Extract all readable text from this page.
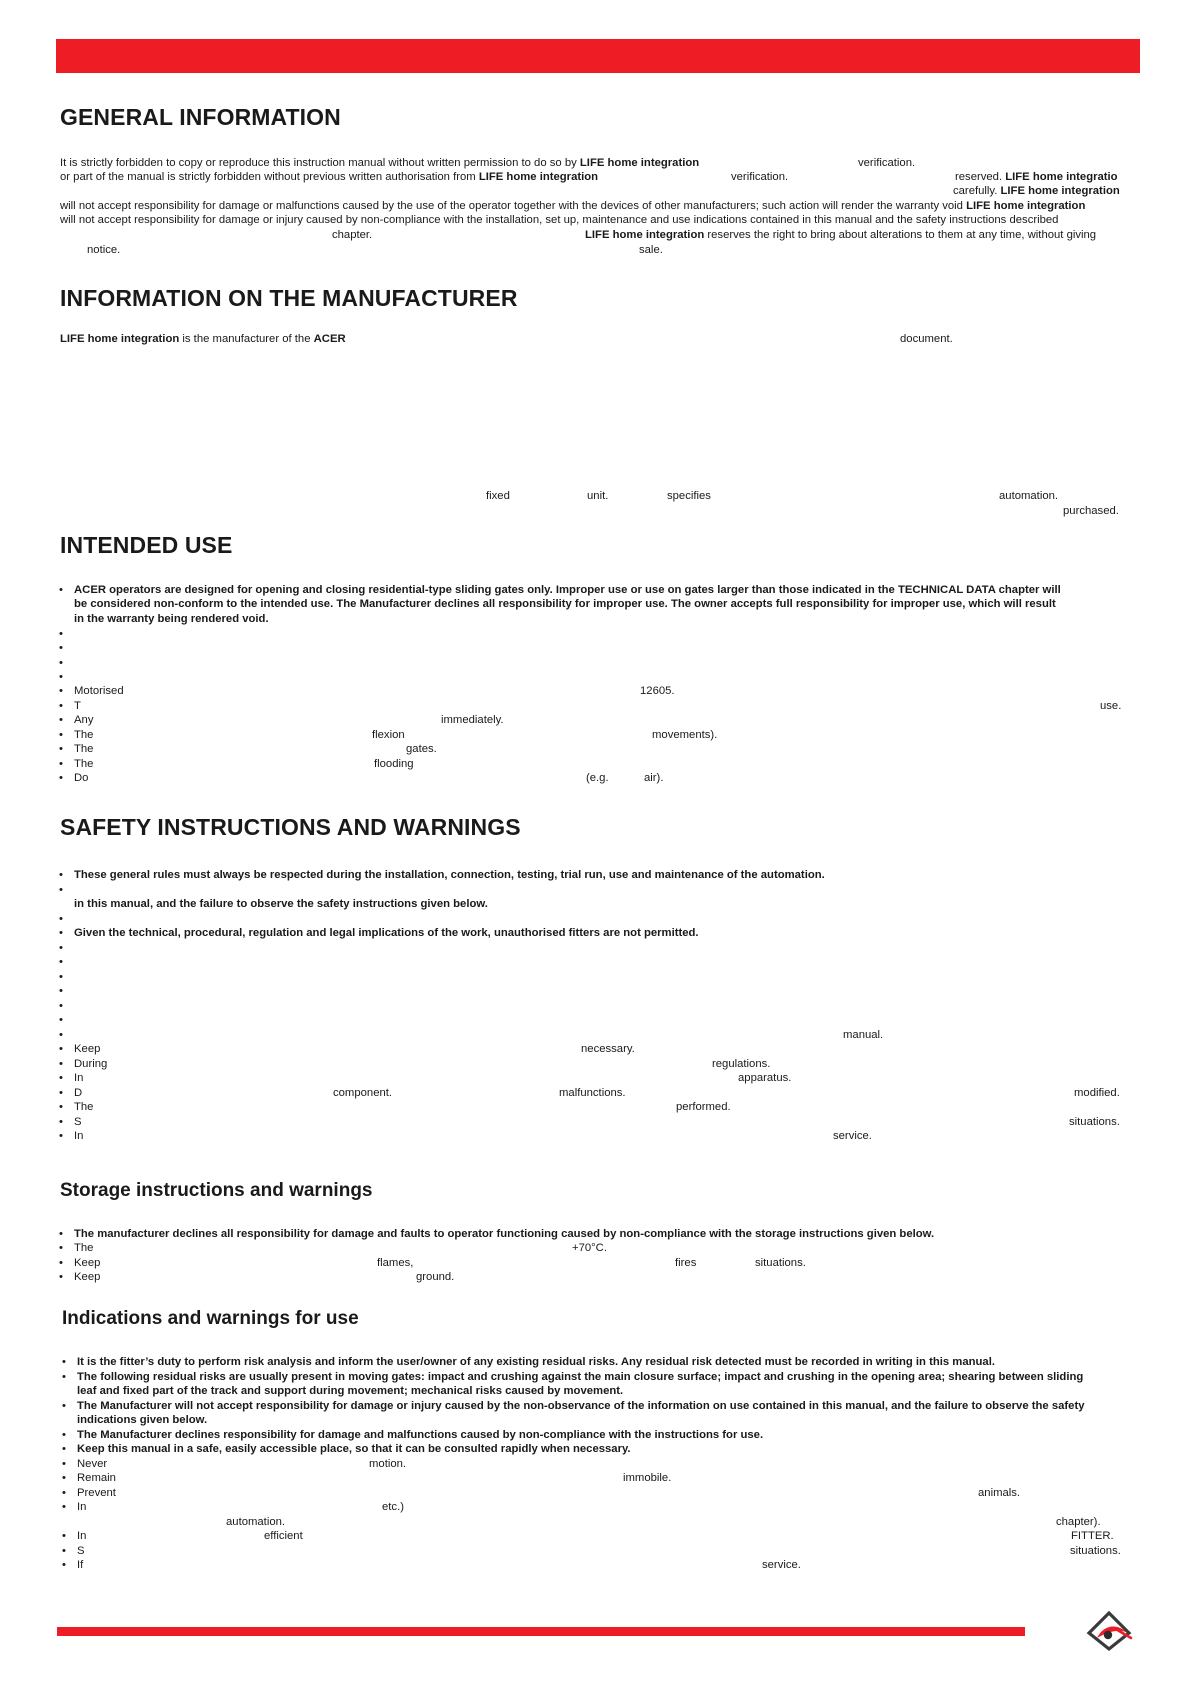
GENERAL INFORMATION
It is strictly forbidden to copy or reproduce this instruction manual without written permission to do so by LIFE home integration	verification.
or part of the manual is strictly forbidden without previous written authorisation from LIFE home integration	verification.	reserved. LIFE home integratio
carefully. LIFE home integration
will not accept responsibility for damage or malfunctions caused by the use of the operator together with the devices of other manufacturers; such action will render the warranty void LIFE home integration
will not accept responsibility for damage or injury caused by non-compliance with the installation, set up, maintenance and use indications contained in this manual and the safety instructions described
chapter.	LIFE home integration reserves the right to bring about alterations to them at any time, without giving
notice.	sale.
INFORMATION ON THE MANUFACTURER
LIFE home integration is the manufacturer of the ACER	document.
fixed	unit.	specifies	automation.
purchased.
INTENDED USE
• ACER operators are designed for opening and closing residential-type sliding gates only. Improper use or use on gates larger than those indicated in the TECHNICAL DATA chapter will
be considered non-conform to the intended use. The Manufacturer declines all responsibility for improper use. The owner accepts full responsibility for improper use, which will result
in the warranty being rendered void.
•
•
•
•
• Motorised	12605.
• T	use.
• Any	immediately.
• The	flexion	movements).
• The	gates.
• The	flooding
• Do	(e.g.	air).
SAFETY INSTRUCTIONS AND WARNINGS
• These general rules must always be respected during the installation, connection, testing, trial run, use and maintenance of the automation.
•
in this manual, and the failure to observe the safety instructions given below.
•
• Given the technical, procedural, regulation and legal implications of the work, unauthorised fitters are not permitted.
•
•
•
•
•
•
•	manual.
• Keep	necessary.
• During	regulations.
• In	apparatus.
• D	component.	malfunctions.	modified.
• The	performed.
• S	situations.
• In	service.
Storage instructions and warnings
• The manufacturer declines all responsibility for damage and faults to operator functioning caused by non-compliance with the storage instructions given below.
• The	+70°C.
• Keep	flames,	fires	situations.
• Keep	ground.
Indications and warnings for use
• It is the fitter’s duty to perform risk analysis and inform the user/owner of any existing residual risks. Any residual risk detected must be recorded in writing in this manual.
• The following residual risks are usually present in moving gates: impact and crushing against the main closure surface; impact and crushing in the opening area; shearing between sliding
leaf and fixed part of the track and support during movement; mechanical risks caused by movement.
• The Manufacturer will not accept responsibility for damage or injury caused by the non-observance of the information on use contained in this manual, and the failure to observe the safety
indications given below.
• The Manufacturer declines responsibility for damage and malfunctions caused by non-compliance with the instructions for use.
• Keep this manual in a safe, easily accessible place, so that it can be consulted rapidly when necessary.
• Never	motion.
• Remain	immobile.
• Prevent	animals.
• In	etc.)
automation.	chapter).
• In	efficient	FITTER.
• S	situations.
• If	service.
